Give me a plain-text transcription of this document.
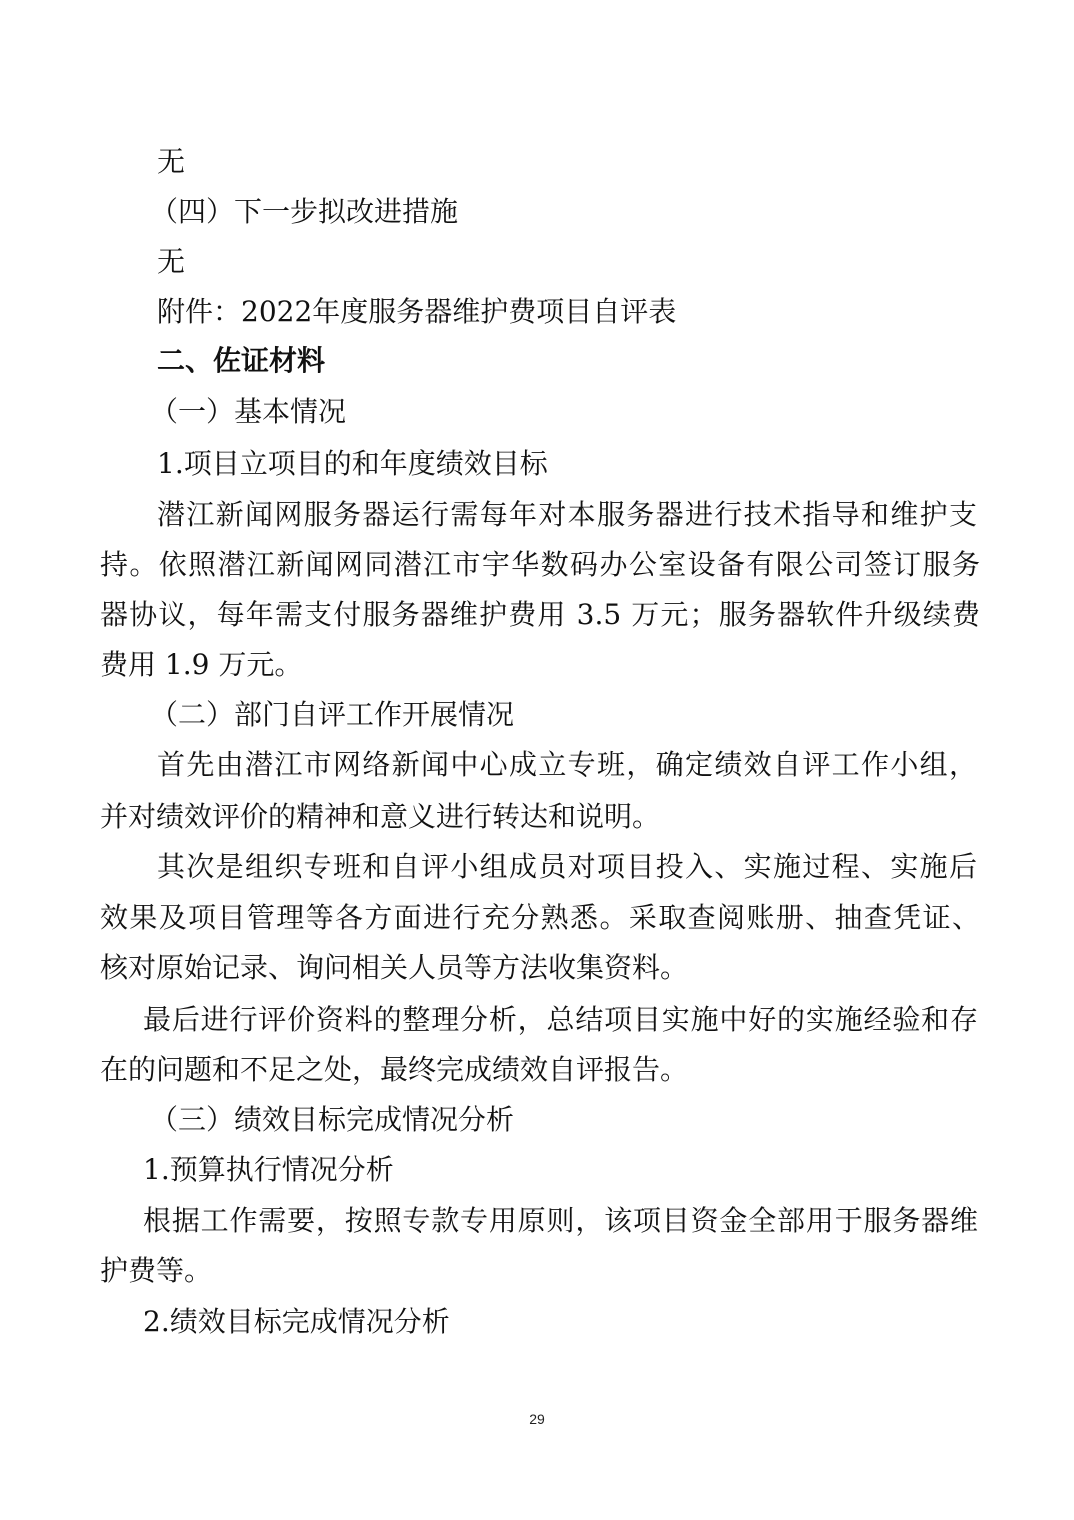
无

（四）下一步拟改进措施

无

附件：2022年度服务器维护费项目自评表

二、佐证材料

（一）基本情况

1.项目立项目的和年度绩效目标

潜江新闻网服务器运行需每年对本服务器进行技术指导和维护支

持。依照潜江新闻网同潜江市宇华数码办公室设备有限公司签订服务

器协议，每年需支付服务器维护费用 3.5 万元；服务器软件升级续费

费用 1.9 万元。

（二）部门自评工作开展情况

首先由潜江市网络新闻中心成立专班，确定绩效自评工作小组，

并对绩效评价的精神和意义进行转达和说明。

其次是组织专班和自评小组成员对项目投入、实施过程、实施后

效果及项目管理等各方面进行充分熟悉。采取查阅账册、抽查凭证、

核对原始记录、询问相关人员等方法收集资料。

最后进行评价资料的整理分析，总结项目实施中好的实施经验和存

在的问题和不足之处，最终完成绩效自评报告。

（三）绩效目标完成情况分析

1.预算执行情况分析

根据工作需要，按照专款专用原则，该项目资金全部用于服务器维

护费等。

2.绩效目标完成情况分析

29
